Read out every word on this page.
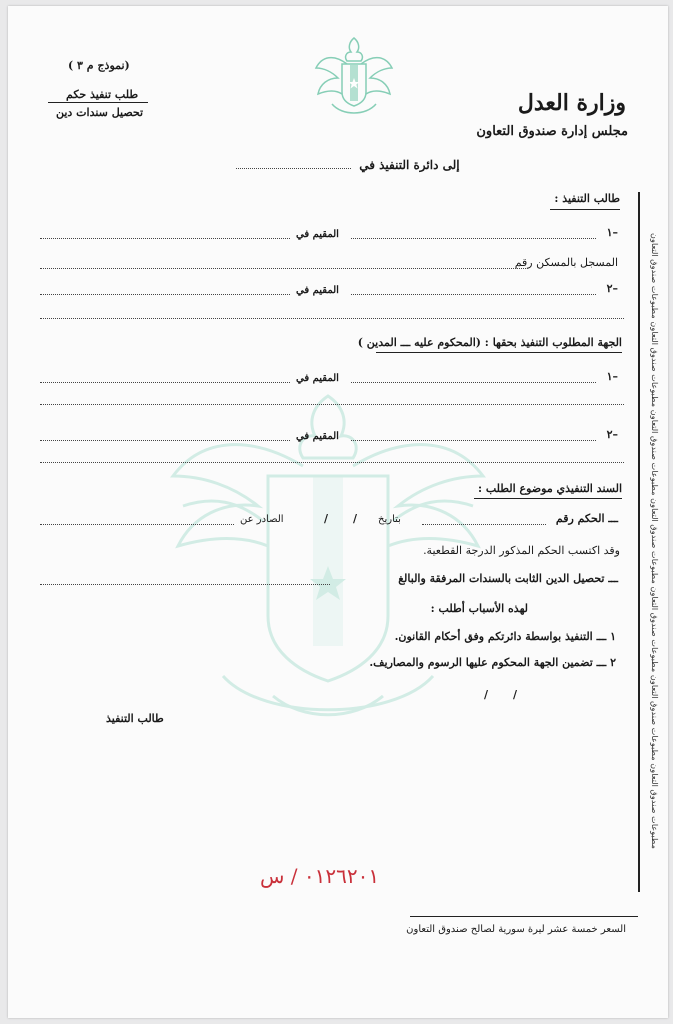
(نموذج م ٣ )
طلب تنفيذ حكم
تحصيل سندات دين	وزارة العدل
مجلس إدارة صندوق التعاون
إلى دائرة التنفيذ في
طالب التنفيذ :
١–
المقيم في
المسجل بالمسكن رقم
٢–
المقيم في
الجهة المطلوب التنفيذ بحقها : (المحكوم عليه ـــ المدين )
١–
المقيم في
٢–
المقيم في
السند التنفيذي موضوع الطلب :
ـــ الحكم رقم
بتاريخ
/
/
الصادر عن
وقد اكتسب الحكم المذكور الدرجة القطعية.
ـــ تحصيل الدين الثابت بالسندات المرفقة والبالغ
لهذه الأسباب أطلب :
١ ـــ التنفيذ بواسطة دائرتكم وفق أحكام القانون.
٢ ـــ تضمين الجهة المحكوم عليها الرسوم والمصاريف.
/
/
طالب التنفيذ
٠١٢٦٢٠١ / س
مطبوعات صندوق التعاون مطبوعات صندوق التعاون مطبوعات صندوق التعاون مطبوعات صندوق التعاون مطبوعات صندوق التعاون مطبوعات صندوق التعاون مطبوعات صندوق التعاون
السعر خمسة عشر ليرة سورية لصالح صندوق التعاون
